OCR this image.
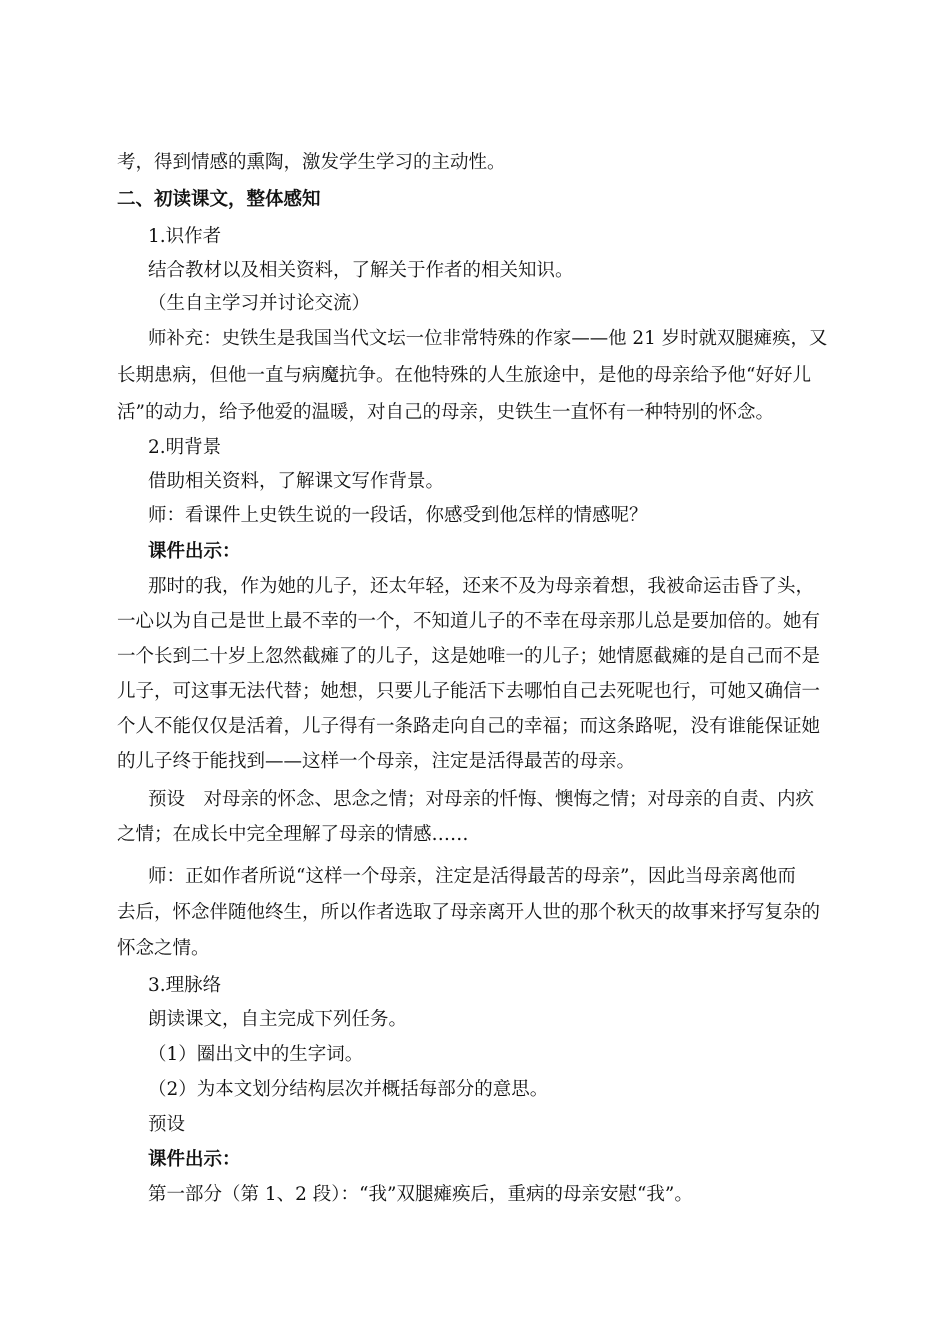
考，得到情感的熏陶，激发学生学习的主动性。
二、初读课文，整体感知
1.识作者
结合教材以及相关资料，了解关于作者的相关知识。
（生自主学习并讨论交流）
师补充：史铁生是我国当代文坛一位非常特殊的作家——他 21 岁时就双腿瘫痪，又
长期患病，但他一直与病魔抗争。在他特殊的人生旅途中，是他的母亲给予他“好好儿
活”的动力，给予他爱的温暖，对自己的母亲，史铁生一直怀有一种特别的怀念。
2.明背景
借助相关资料，了解课文写作背景。
师：看课件上史铁生说的一段话，你感受到他怎样的情感呢？
课件出示：
那时的我，作为她的儿子，还太年轻，还来不及为母亲着想，我被命运击昏了头，
一心以为自己是世上最不幸的一个，不知道儿子的不幸在母亲那儿总是要加倍的。她有
一个长到二十岁上忽然截瘫了的儿子，这是她唯一的儿子；她情愿截瘫的是自己而不是
儿子，可这事无法代替；她想，只要儿子能活下去哪怕自己去死呢也行，可她又确信一
个人不能仅仅是活着，儿子得有一条路走向自己的幸福；而这条路呢，没有谁能保证她
的儿子终于能找到——这样一个母亲，注定是活得最苦的母亲。
预设　对母亲的怀念、思念之情；对母亲的忏悔、懊悔之情；对母亲的自责、内疚
之情；在成长中完全理解了母亲的情感……
师：正如作者所说“这样一个母亲，注定是活得最苦的母亲”，因此当母亲离他而
去后，怀念伴随他终生，所以作者选取了母亲离开人世的那个秋天的故事来抒写复杂的
怀念之情。
3.理脉络
朗读课文，自主完成下列任务。
（1）圈出文中的生字词。
（2）为本文划分结构层次并概括每部分的意思。
预设
课件出示：
第一部分（第 1、2 段）：“我”双腿瘫痪后，重病的母亲安慰“我”。
